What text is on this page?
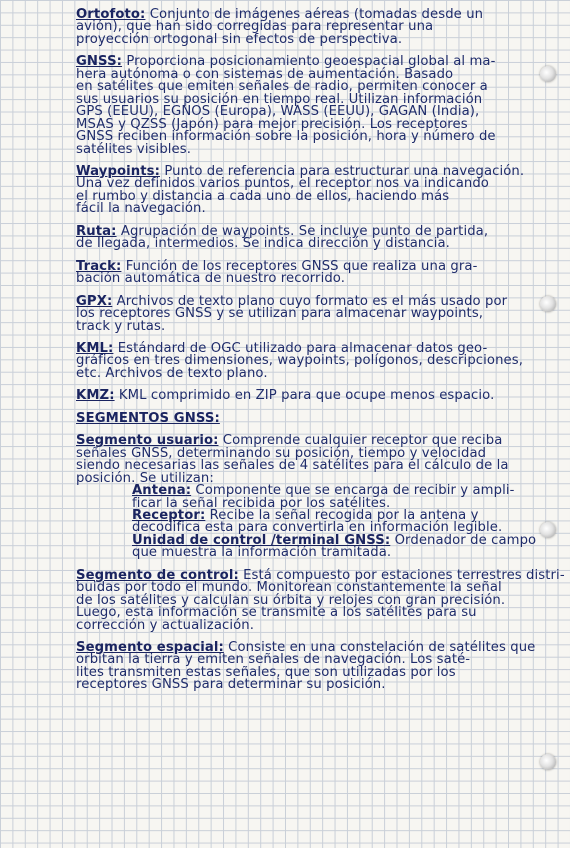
Ortofoto: Conjunto de imágenes aéreas (tomadas desde un
avión), que han sido corregidas para representar una
proyección ortogonal sin efectos de perspectiva.
GNSS: Proporciona posicionamiento geoespacial global al ma-
hera autónoma o con sistemas de aumentación. Basado
en satélites que emiten señales de radio, permiten conocer a
sus usuarios su posición en tiempo real. Utilizan información
GPS (EEUU), EGNOS (Europa), WASS (EEUU), GAGAN (India),
MSAS y QZSS (Japón) para mejor precisión. Los receptores
GNSS reciben información sobre la posición, hora y número de
satélites visibles.
Waypoints: Punto de referencia para estructurar una navegación.
Una vez definidos varios puntos, el receptor nos va indicando
el rumbo y distancia a cada uno de ellos, haciendo más
fácil la navegación.
Ruta: Agrupación de waypoints. Se incluye punto de partida,
de llegada, intermedios. Se indica dirección y distancia.
Track: Función de los receptores GNSS que realiza una gra-
bación automática de nuestro recorrido.
GPX: Archivos de texto plano cuyo formato es el más usado por
los receptores GNSS y se utilizan para almacenar waypoints,
track y rutas.
KML: Estándard de OGC utilizado para almacenar datos geo-
gráficos en tres dimensiones, waypoints, polígonos, descripciones,
etc. Archivos de texto plano.
KMZ: KML comprimido en ZIP para que ocupe menos espacio.
SEGMENTOS GNSS:
Segmento usuario: Comprende cualquier receptor que reciba
señales GNSS, determinando su posición, tiempo y velocidad
siendo necesarias las señales de 4 satélites para el cálculo de la
posición. Se utilizan:
Antena: Componente que se encarga de recibir y ampli-
ficar la señal recibida por los satélites.
Receptor: Recibe la señal recogida por la antena y
decodifica esta para convertirla en información legible.
Unidad de control /terminal GNSS: Ordenador de campo
que muestra la información tramitada.
Segmento de control: Está compuesto por estaciones terrestres distri-
buidas por todo el mundo. Monitorean constantemente la señal
de los satélites y calculan su órbita y relojes con gran precisión.
Luego, esta información se transmite a los satélites para su
corrección y actualización.
Segmento espacial: Consiste en una constelación de satélites que
orbitan la tierra y emiten señales de navegación. Los saté-
lites transmiten estas señales, que son utilizadas por los
receptores GNSS para determinar su posición.
